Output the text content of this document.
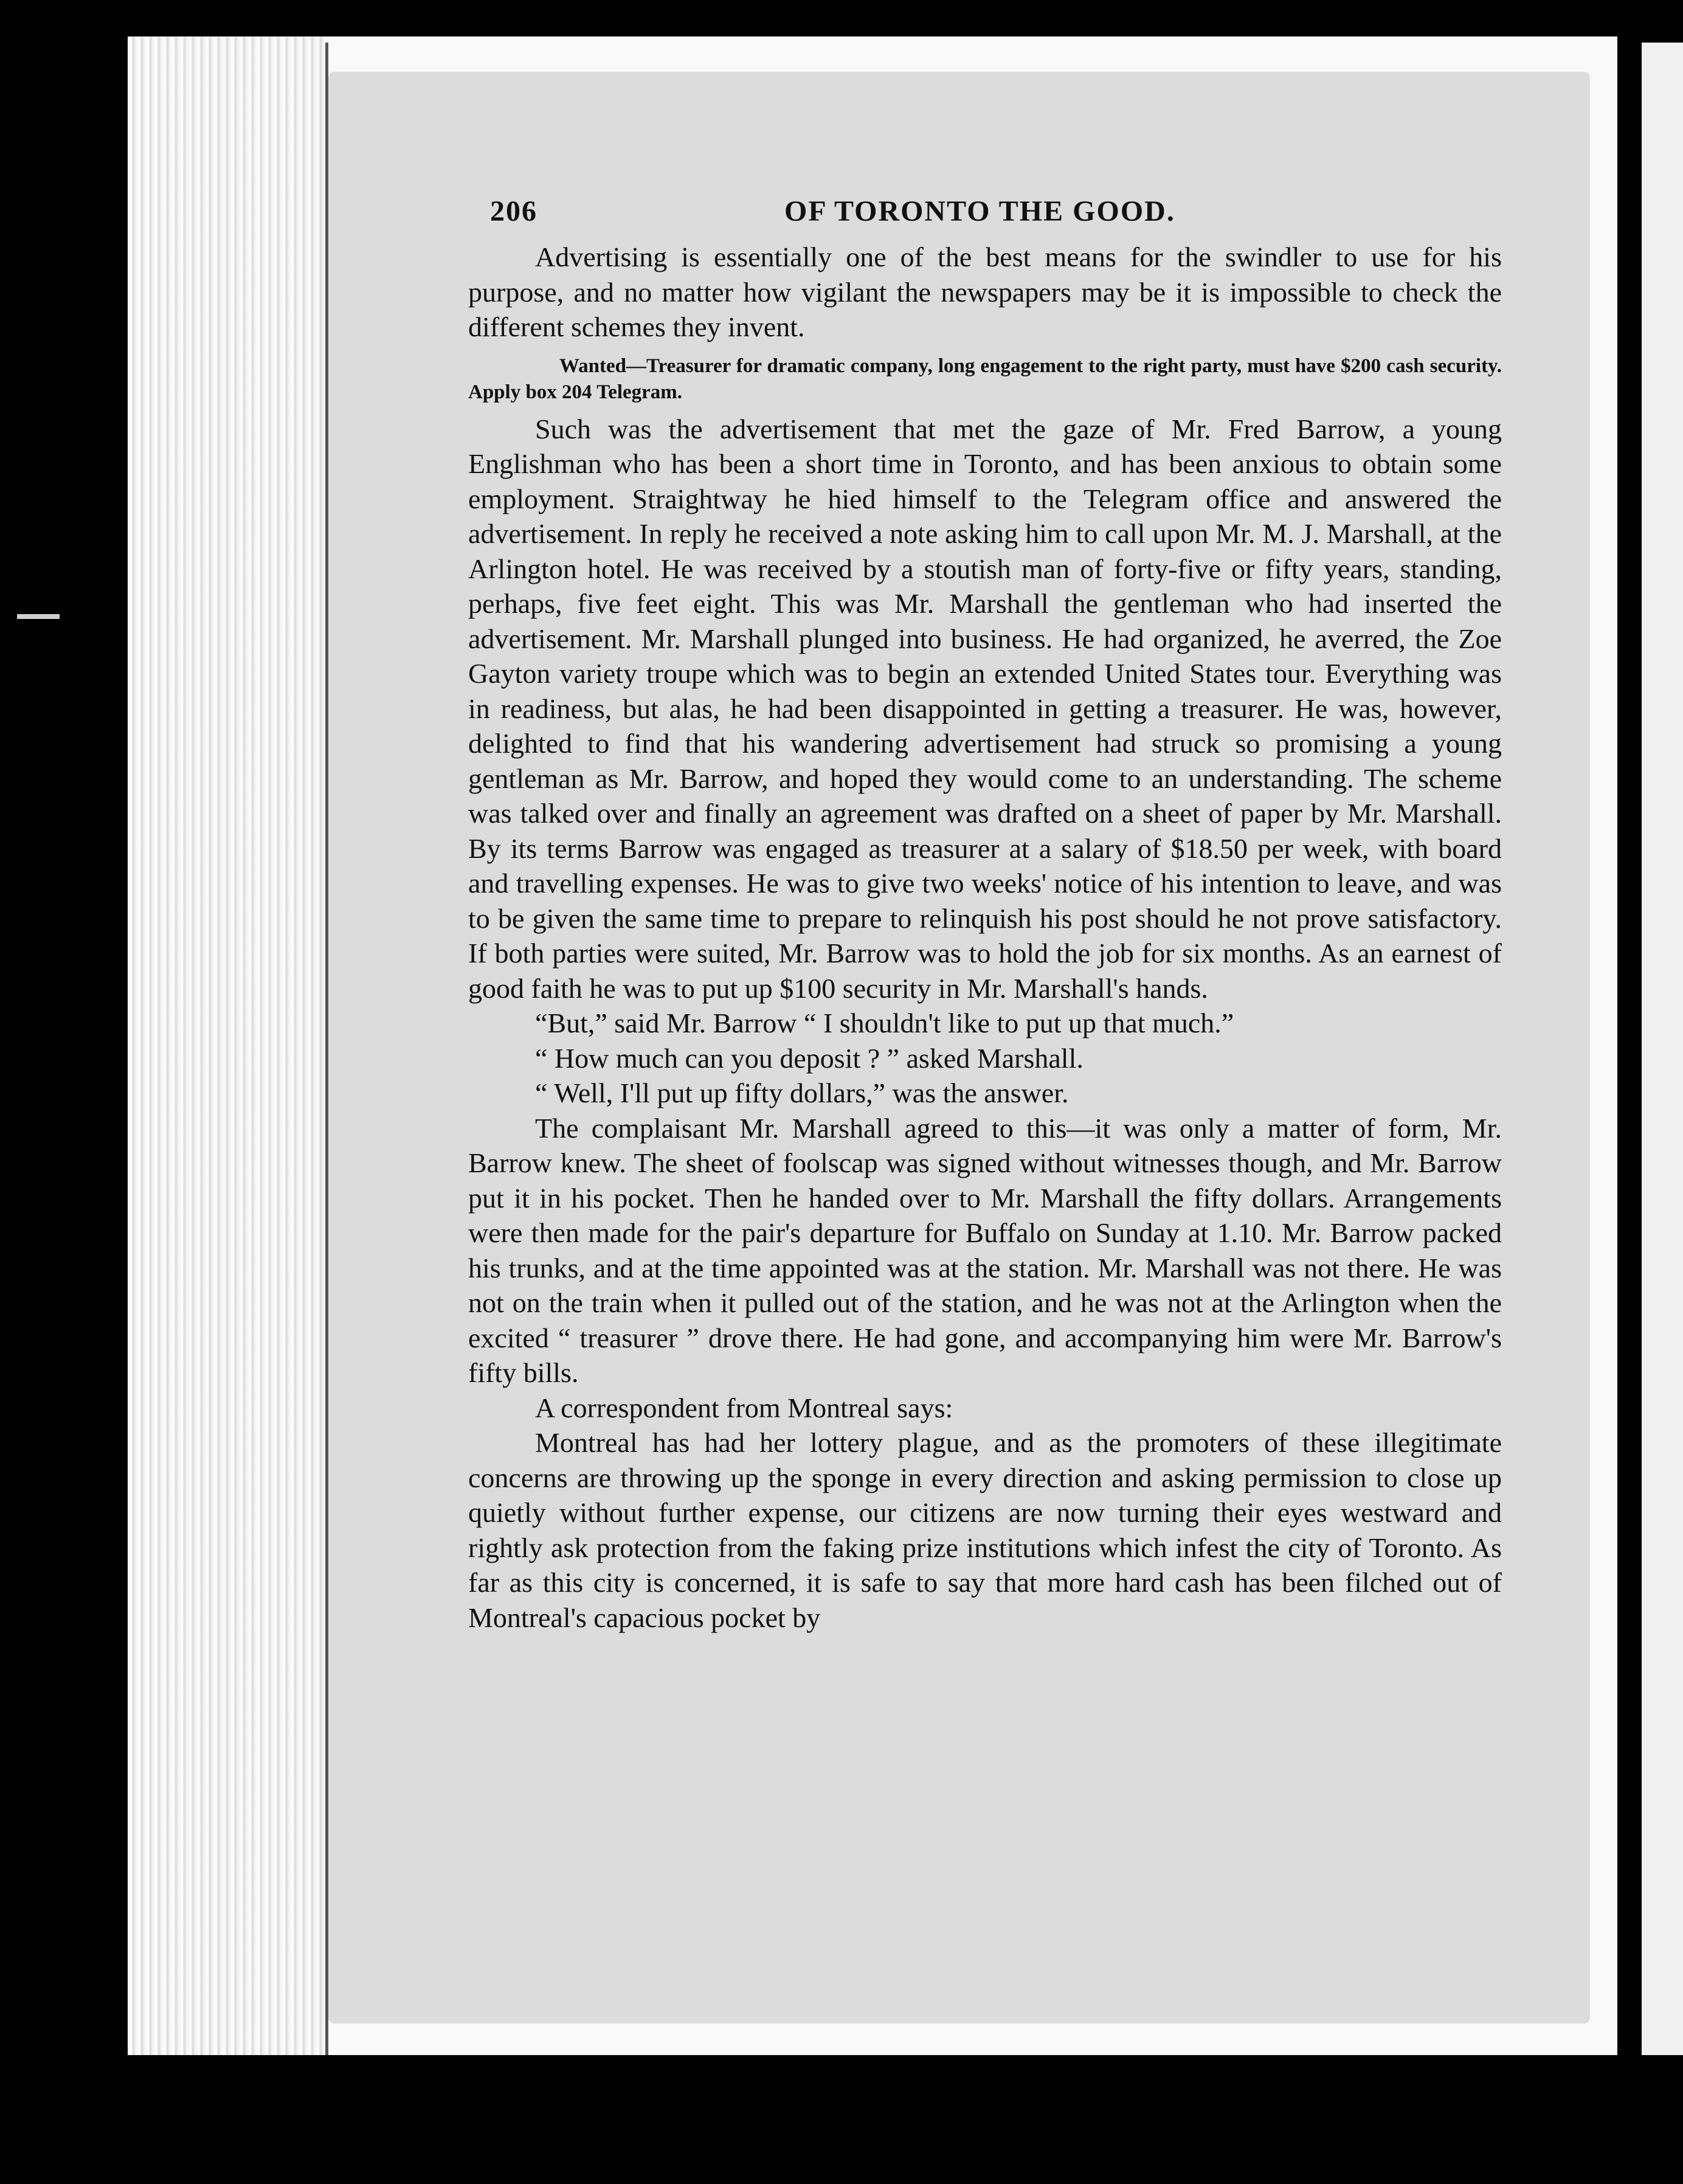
206	OF TORONTO THE GOOD.

Advertising is essentially one of the best means for the swindler to use for his purpose, and no matter how vigilant the newspapers may be it is impossible to check the different schemes they invent.

Wanted—Treasurer for dramatic company, long engagement to the right party, must have $200 cash security. Apply box 204 Telegram.

Such was the advertisement that met the gaze of Mr. Fred Barrow, a young Englishman who has been a short time in Toronto, and has been anxious to obtain some employment. Straightway he hied himself to the Telegram office and answered the advertisement. In reply he received a note asking him to call upon Mr. M. J. Marshall, at the Arlington hotel. He was received by a stoutish man of forty-five or fifty years, standing, perhaps, five feet eight. This was Mr. Marshall the gentleman who had inserted the advertisement. Mr. Marshall plunged into business. He had organized, he averred, the Zoe Gayton variety troupe which was to begin an extended United States tour. Everything was in readiness, but alas, he had been disappointed in getting a treasurer. He was, however, delighted to find that his wandering advertisement had struck so promising a young gentleman as Mr. Barrow, and hoped they would come to an understanding. The scheme was talked over and finally an agreement was drafted on a sheet of paper by Mr. Marshall. By its terms Barrow was engaged as treasurer at a salary of $18.50 per week, with board and travelling expenses. He was to give two weeks' notice of his intention to leave, and was to be given the same time to prepare to relinquish his post should he not prove satisfactory. If both parties were suited, Mr. Barrow was to hold the job for six months. As an earnest of good faith he was to put up $100 security in Mr. Marshall's hands.

“But,” said Mr. Barrow “ I shouldn't like to put up that much.”

“ How much can you deposit ? ” asked Marshall.

“ Well, I'll put up fifty dollars,” was the answer.

The complaisant Mr. Marshall agreed to this—it was only a matter of form, Mr. Barrow knew. The sheet of foolscap was signed without witnesses though, and Mr. Barrow put it in his pocket. Then he handed over to Mr. Marshall the fifty dollars. Arrangements were then made for the pair's departure for Buffalo on Sunday at 1.10. Mr. Barrow packed his trunks, and at the time appointed was at the station. Mr. Marshall was not there. He was not on the train when it pulled out of the station, and he was not at the Arlington when the excited “ treasurer ” drove there. He had gone, and accompanying him were Mr. Barrow's fifty bills.

A correspondent from Montreal says:

Montreal has had her lottery plague, and as the promoters of these illegitimate concerns are throwing up the sponge in every direction and asking permission to close up quietly without further expense, our citizens are now turning their eyes westward and rightly ask protection from the faking prize institutions which infest the city of Toronto. As far as this city is concerned, it is safe to say that more hard cash has been filched out of Montreal's capacious pocket by
